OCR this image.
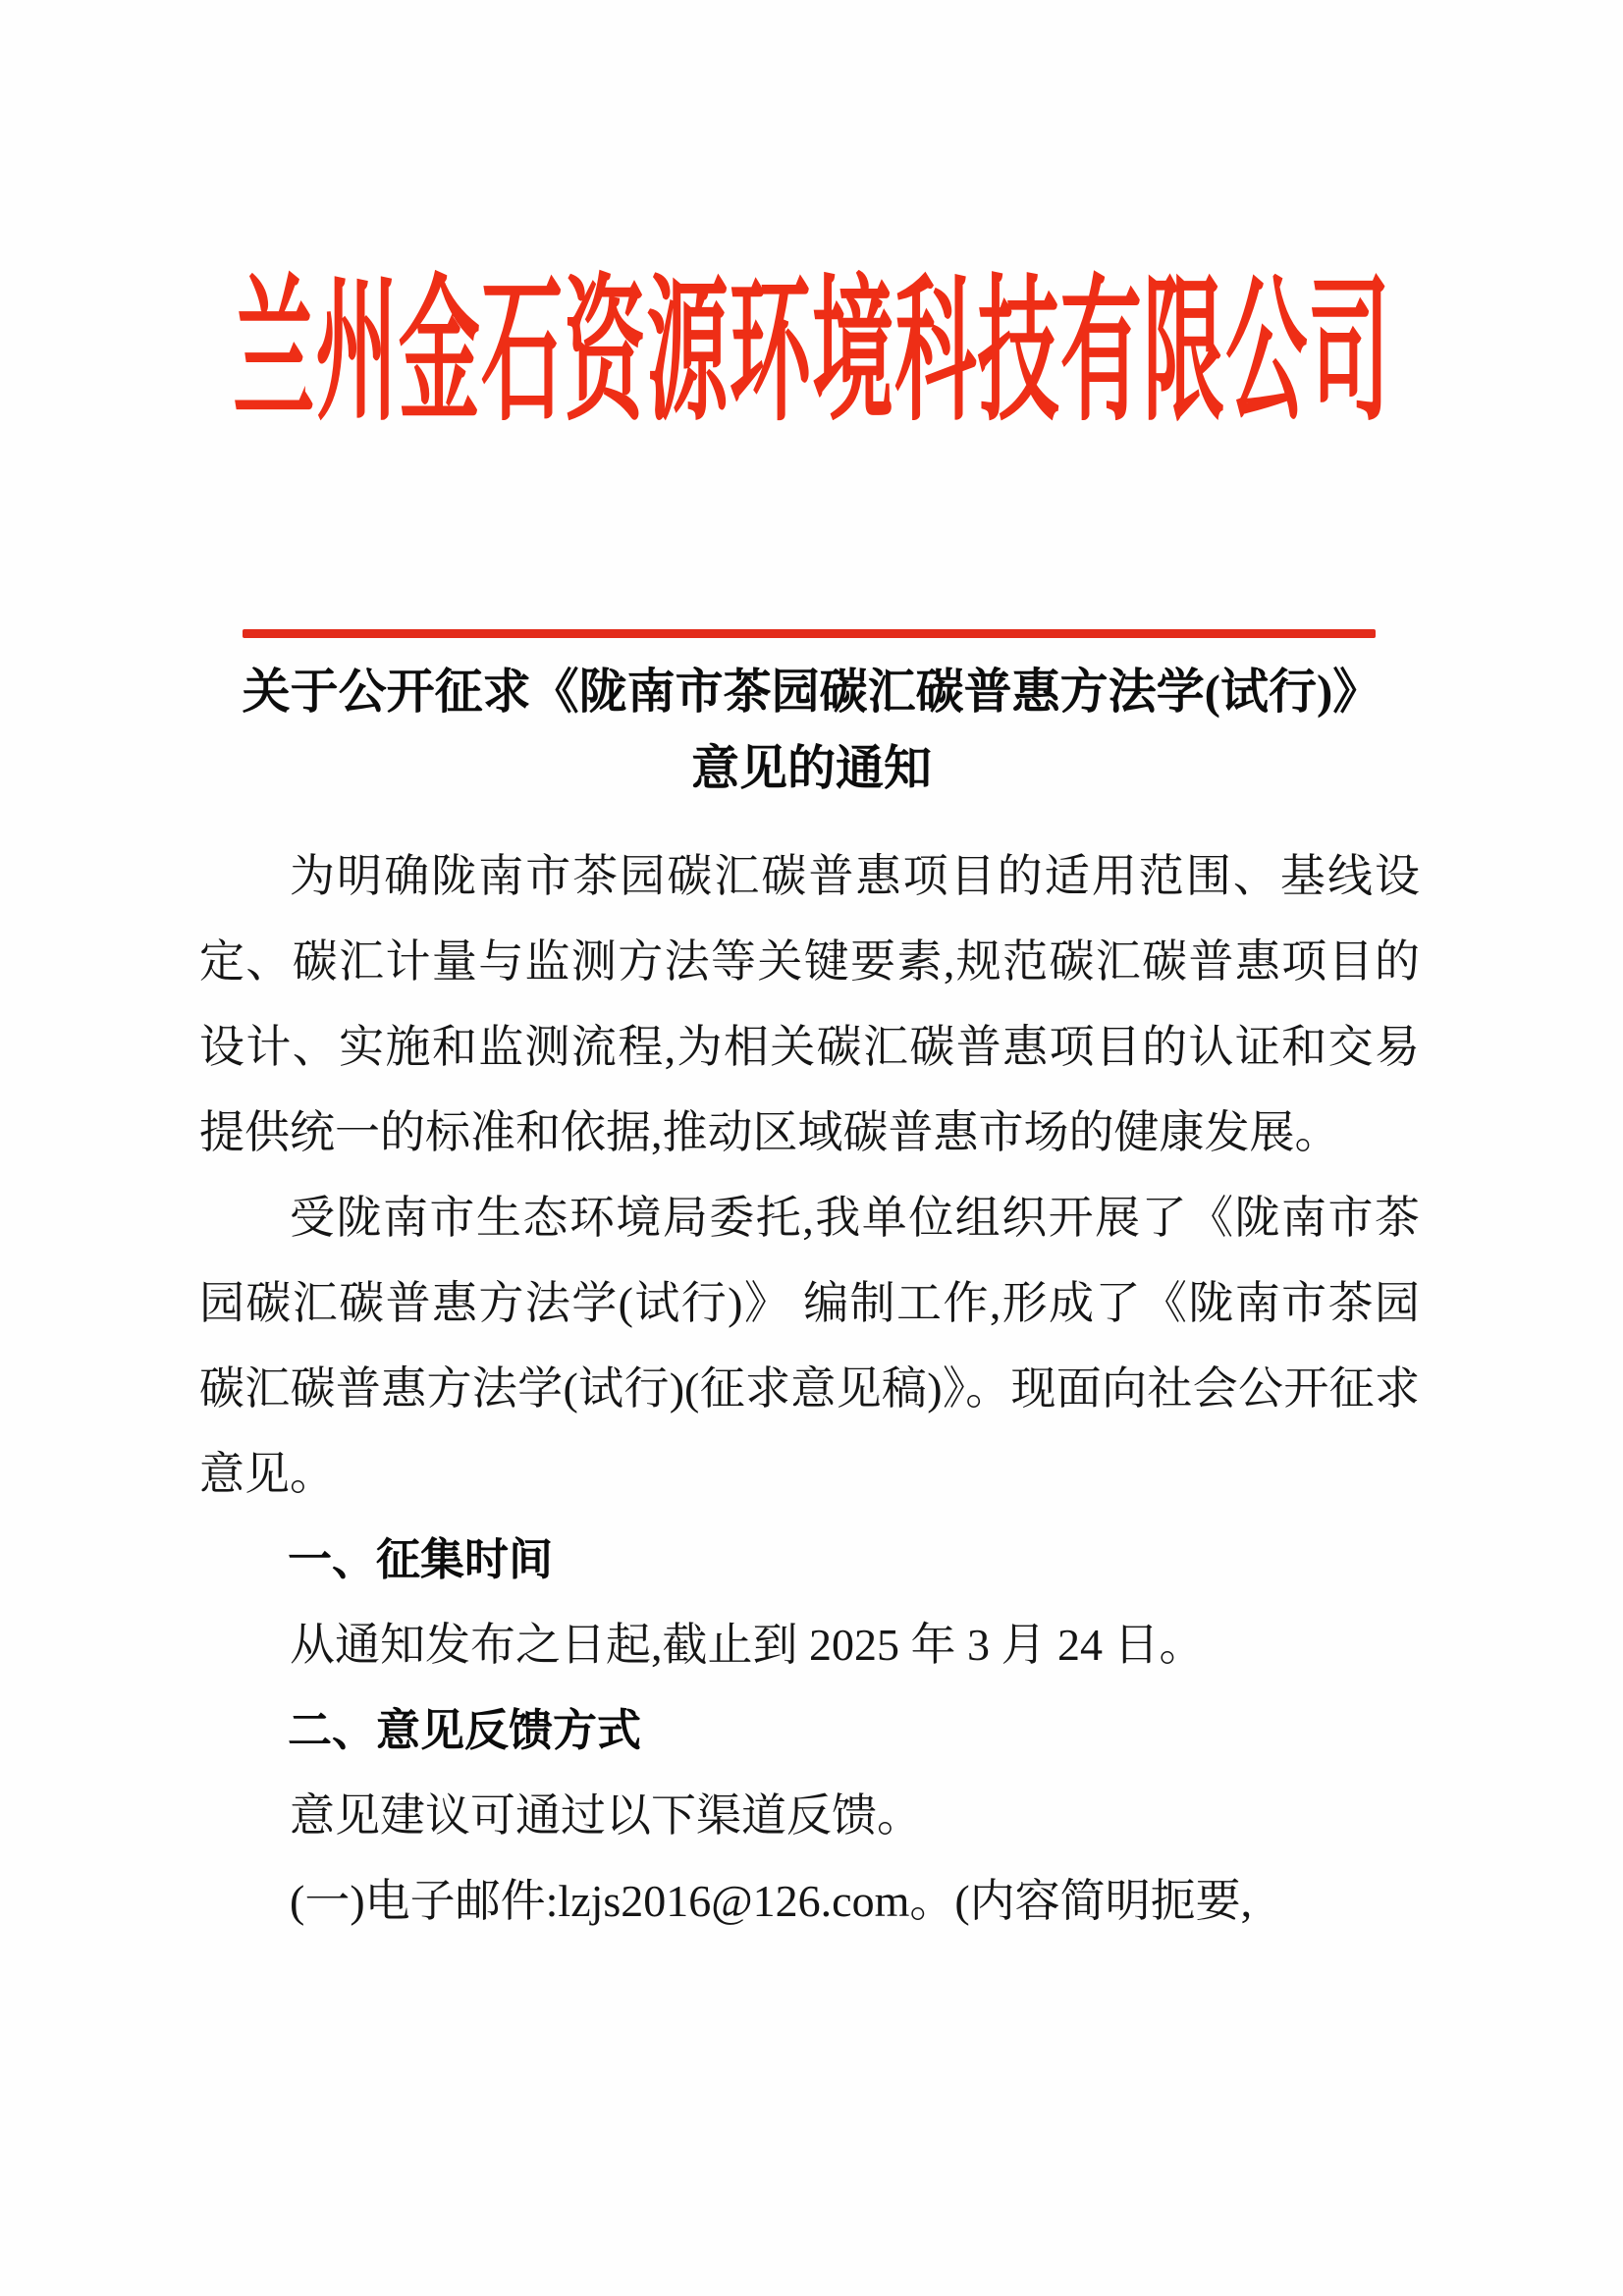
兰州金石资源环境科技有限公司
关于公开征求《陇南市茶园碳汇碳普惠方法学(试行)》
意见的通知

为明确陇南市茶园碳汇碳普惠项目的适用范围、基线设定、碳汇计量与监测方法等关键要素,规范碳汇碳普惠项目的设计、实施和监测流程,为相关碳汇碳普惠项目的认证和交易提供统一的标准和依据,推动区域碳普惠市场的健康发展。

受陇南市生态环境局委托,我单位组织开展了《陇南市茶园碳汇碳普惠方法学(试行)》 编制工作,形成了《陇南市茶园碳汇碳普惠方法学(试行)(征求意见稿)》。现面向社会公开征求意见。

一、征集时间

从通知发布之日起,截止到 2025 年 3 月 24 日。

二、意见反馈方式

意见建议可通过以下渠道反馈。

(一)电子邮件:lzjs2016@126.com。(内容简明扼要,
